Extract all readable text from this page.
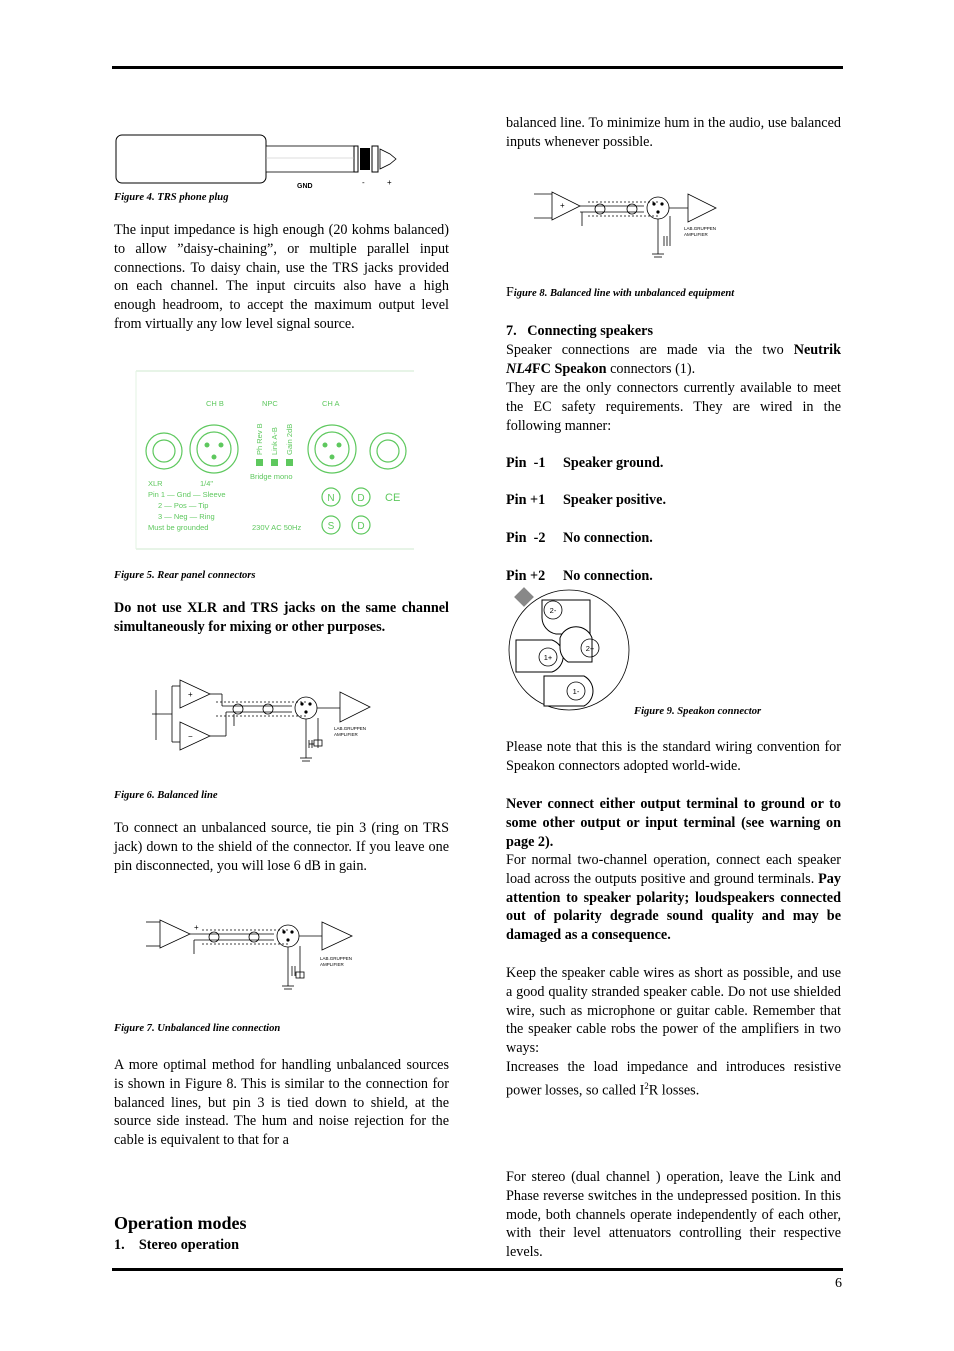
GND	-	+
Figure 4. TRS phone plug
The input impedance is high enough (20 kohms balanced) to allow ”daisy-chaining”, or multiple parallel input connections. To daisy chain, use the TRS jacks provided on each channel. The input circuits also have a high enough headroom, to accept the maximum output level from virtually any low level signal source.
CH B	NPC	CH A
Ph Rev B Link A-B Gain 2dB
Bridge mono
XLR	1/4"
Pin 1 — Gnd — Sleeve
2 — Pos — Tip
3 — Neg — Ring
Must be grounded	230V AC 50Hz
CE
N D
S D
Figure 5. Rear panel connectors
Do not use XLR and TRS jacks on the same channel simultaneously for mixing or other purposes.
+
−
LAB.GRUPPEN
AMPLIFIER
Figure 6. Balanced line
To connect an unbalanced source, tie pin 3 (ring on TRS jack) down to the shield of the connector. If you leave one pin disconnected, you will lose 6 dB in gain.
+
LAB.GRUPPEN
AMPLIFIER
Figure 7. Unbalanced line connection
A more optimal method for handling unbalanced sources is shown in Figure 8. This is similar to the connection for balanced lines, but pin 3 is tied down to shield, at the source side instead. The hum and noise rejection for the cable is equivalent to that for a
Operation modes
1.    Stereo operation
balanced line. To minimize hum in the audio, use balanced inputs whenever possible.
+
LAB.GRUPPEN
AMPLIFIER
Figure 8. Balanced line with unbalanced equipment
7.   Connecting speakers
Speaker connections are made via the two Neutrik NL4FC Speakon connectors (1).
They are the only connectors currently available to meet the EC safety requirements. They are wired in the following manner:
Pin  -1 Speaker ground.
Pin +1 Speaker positive.
Pin  -2 No connection.
Pin +2 No connection.
2-
1+
2+
1-
Figure 9. Speakon connector
Please note that this is the standard wiring convention for Speakon connectors adopted world-wide.
Never connect either output terminal to ground or to some other output or input terminal (see warning on page 2).
For normal two-channel operation, connect each speaker load across the outputs positive and ground terminals. Pay attention to speaker polarity; loudspeakers connected out of polarity degrade sound quality and may be damaged as a consequence.
Keep the speaker cable wires as short as possible, and use a good quality stranded speaker cable. Do not use shielded wire, such as microphone or guitar cable. Remember that the speaker cable robs the power of the amplifiers in two ways:
Increases the load impedance and introduces resistive power losses, so called $I^2R$ losses.
For stereo (dual channel ) operation, leave the Link and Phase reverse switches in the undepressed position. In this mode, both channels operate independently of each other, with their level attenuators controlling their respective levels.
6
